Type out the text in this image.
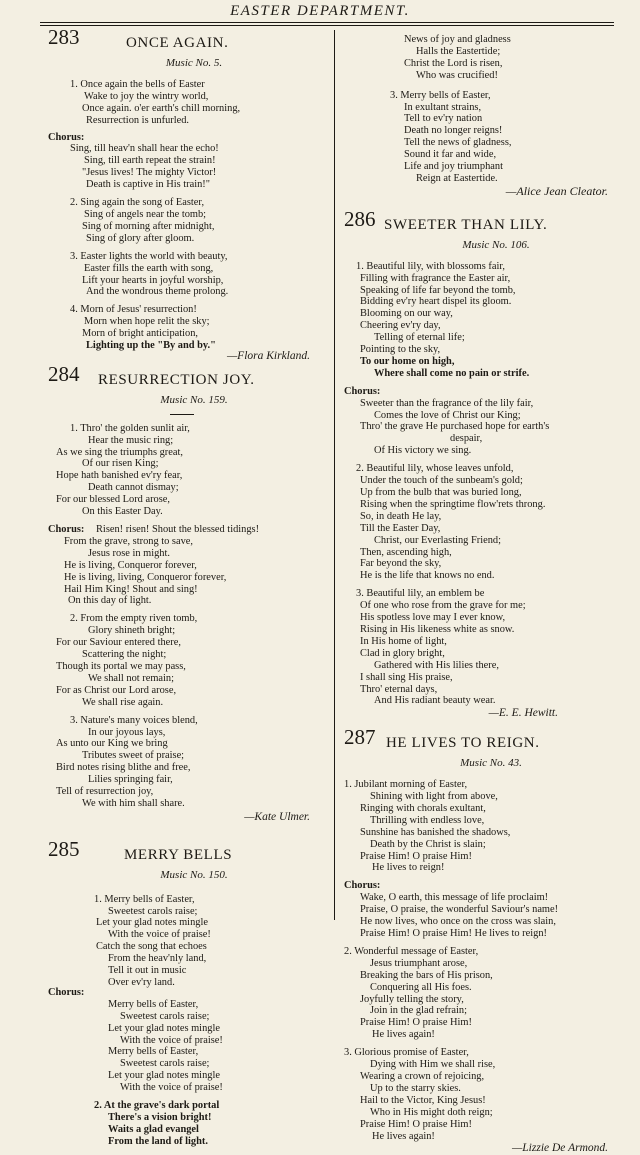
EASTER DEPARTMENT.
283	ONCE AGAIN.
Music No. 5.
1. Once again the bells of Easter
Wake to joy the wintry world,
Once again. o'er earth's chill morning,
Resurrection is unfurled.
Chorus:
Sing, till heav'n shall hear the echo!
Sing, till earth repeat the strain!
"Jesus lives! The mighty Victor!
Death is captive in His train!"
2. Sing again the song of Easter,
Sing of angels near the tomb;
Sing of morning after midnight,
Sing of glory after gloom.
3. Easter lights the world with beauty,
Easter fills the earth with song,
Lift your hearts in joyful worship,
And the wondrous theme prolong.
4. Morn of Jesus' resurrection!
Morn when hope relit the sky;
Morn of bright anticipation,
Lighting up the "By and by."
—Flora Kirkland.
284 RESURRECTION JOY.
Music No. 159.
1. Thro' the golden sunlit air,
Hear the music ring;
As we sing the triumphs great,
Of our risen King;
Hope hath banished ev'ry fear,
Death cannot dismay;
For our blessed Lord arose,
On this Easter Day.
Chorus:	Risen! risen! Shout the blessed tidings!
From the grave, strong to save,
Jesus rose in might.
He is living, Conqueror forever,
He is living, living, Conqueror forever,
Hail Him King! Shout and sing!
On this day of light.
2. From the empty riven tomb,
Glory shineth bright;
For our Saviour entered there,
Scattering the night;
Though its portal we may pass,
We shall not remain;
For as Christ our Lord arose,
We shall rise again.
3. Nature's many voices blend,
In our joyous lays,
As unto our King we bring
Tributes sweet of praise;
Bird notes rising blithe and free,
Lilies springing fair,
Tell of resurrection joy,
We with him shall share.
—Kate Ulmer.
285	MERRY BELLS
Music No. 150.
1. Merry bells of Easter,
Sweetest carols raise;
Let your glad notes mingle
With the voice of praise!
Catch the song that echoes
From the heav'nly land,
Tell it out in music
Over ev'ry land.
Chorus:
Merry bells of Easter,
Sweetest carols raise;
Let your glad notes mingle
With the voice of praise!
Merry bells of Easter,
Sweetest carols raise;
Let your glad notes mingle
With the voice of praise!
2. At the grave's dark portal
There's a vision bright!
Waits a glad evangel
From the land of light.
News of joy and gladness
Halls the Eastertide;
Christ the Lord is risen,
Who was crucified!
3. Merry bells of Easter,
In exultant strains,
Tell to ev'ry nation
Death no longer reigns!
Tell the news of gladness,
Sound it far and wide,
Life and joy triumphant
Reign at Eastertide.
—Alice Jean Cleator.
286 SWEETER THAN LILY.
Music No. 106.
1. Beautiful lily, with blossoms fair,
Filling with fragrance the Easter air,
Speaking of life far beyond the tomb,
Bidding ev'ry heart dispel its gloom.
Blooming on our way,
Cheering ev'ry day,
Telling of eternal life;
Pointing to the sky,
To our home on high,
Where shall come no pain or strife.
Chorus:
Sweeter than the fragrance of the lily fair,
Comes the love of Christ our King;
Thro' the grave He purchased hope for earth's
despair,
Of His victory we sing.
2. Beautiful lily, whose leaves unfold,
Under the touch of the sunbeam's gold;
Up from the bulb that was buried long,
Rising when the springtime flow'rets throng.
So, in death He lay,
Till the Easter Day,
Christ, our Everlasting Friend;
Then, ascending high,
Far beyond the sky,
He is the life that knows no end.
3. Beautiful lily, an emblem be
Of one who rose from the grave for me;
His spotless love may I ever know,
Rising in His likeness white as snow.
In His home of light,
Clad in glory bright,
Gathered with His lilies there,
I shall sing His praise,
Thro' eternal days,
And His radiant beauty wear.
—E. E. Hewitt.
287 HE LIVES TO REIGN.
Music No. 43.
1. Jubilant morning of Easter,
Shining with light from above,
Ringing with chorals exultant,
Thrilling with endless love,
Sunshine has banished the shadows,
Death by the Christ is slain;
Praise Him! O praise Him!
He lives to reign!
Chorus:
Wake, O earth, this message of life proclaim!
Praise, O praise, the wonderful Saviour's name!
He now lives, who once on the cross was slain,
Praise Him! O praise Him! He lives to reign!
2. Wonderful message of Easter,
Jesus triumphant arose,
Breaking the bars of His prison,
Conquering all His foes.
Joyfully telling the story,
Join in the glad refrain;
Praise Him! O praise Him!
He lives again!
3. Glorious promise of Easter,
Dying with Him we shall rise,
Wearing a crown of rejoicing,
Up to the starry skies.
Hail to the Victor, King Jesus!
Who in His might doth reign;
Praise Him! O praise Him!
He lives again!
—Lizzie De Armond.
